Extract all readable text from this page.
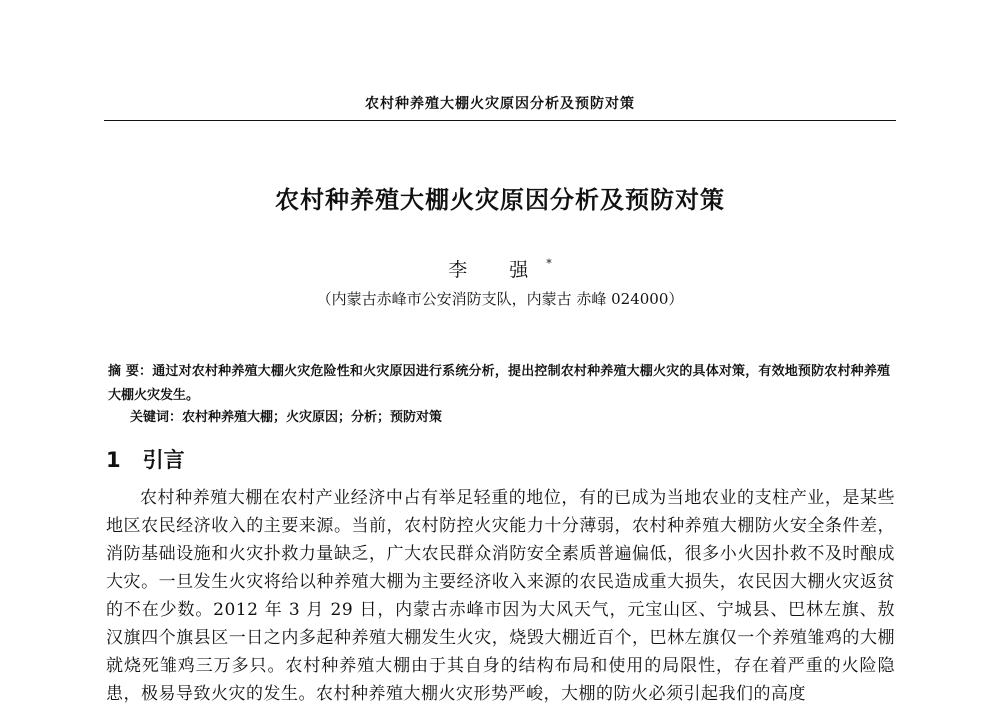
农村种养殖大棚火灾原因分析及预防对策
农村种养殖大棚火灾原因分析及预防对策
李 强*
（内蒙古赤峰市公安消防支队，内蒙古 赤峰 024000）
摘 要：通过对农村种养殖大棚火灾危险性和火灾原因进行系统分析，提出控制农村种养殖大棚火灾的具体对策，有效地预防农村种养殖大棚火灾发生。
关键词：农村种养殖大棚；火灾原因；分析；预防对策
1 引言
农村种养殖大棚在农村产业经济中占有举足轻重的地位，有的已成为当地农业的支柱产业，是某些地区农民经济收入的主要来源。当前，农村防控火灾能力十分薄弱，农村种养殖大棚防火安全条件差，消防基础设施和火灾扑救力量缺乏，广大农民群众消防安全素质普遍偏低，很多小火因扑救不及时酿成大灾。一旦发生火灾将给以种养殖大棚为主要经济收入来源的农民造成重大损失，农民因大棚火灾返贫的不在少数。2012 年 3 月 29 日，内蒙古赤峰市因为大风天气，元宝山区、宁城县、巴林左旗、敖汉旗四个旗县区一日之内多起种养殖大棚发生火灾，烧毁大棚近百个，巴林左旗仅一个养殖雏鸡的大棚就烧死雏鸡三万多只。农村种养殖大棚由于其自身的结构布局和使用的局限性，存在着严重的火险隐患，极易导致火灾的发生。农村种养殖大棚火灾形势严峻，大棚的防火必须引起我们的高度
